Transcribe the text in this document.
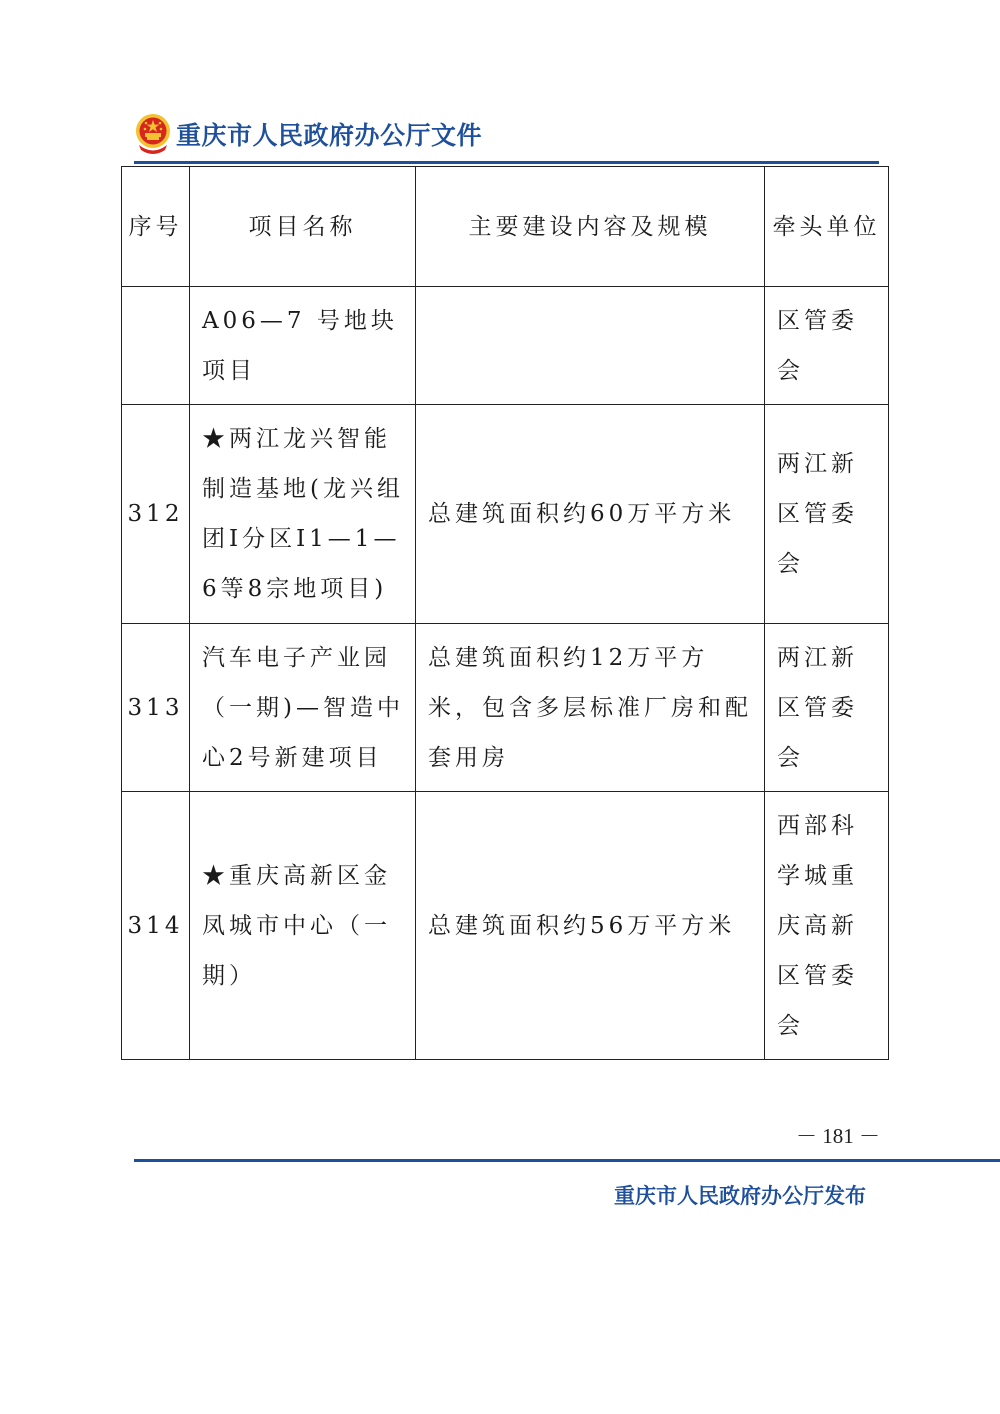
重庆市人民政府办公厅文件
序号	项目名称	主要建设内容及规模	牵头单位
	A06—7 号地块项目		区管委会
312	★两江龙兴智能制造基地(龙兴组团Ⅰ分区I1—1—6等8宗地项目)	总建筑面积约60万平方米	两江新区管委会
313	汽车电子产业园（一期)—智造中心2号新建项目	总建筑面积约12万平方米，包含多层标准厂房和配套用房	两江新区管委会
314	★重庆高新区金凤城市中心（一期）	总建筑面积约56万平方米	西部科学城重庆高新区管委会
－ 181 －
重庆市人民政府办公厅发布
